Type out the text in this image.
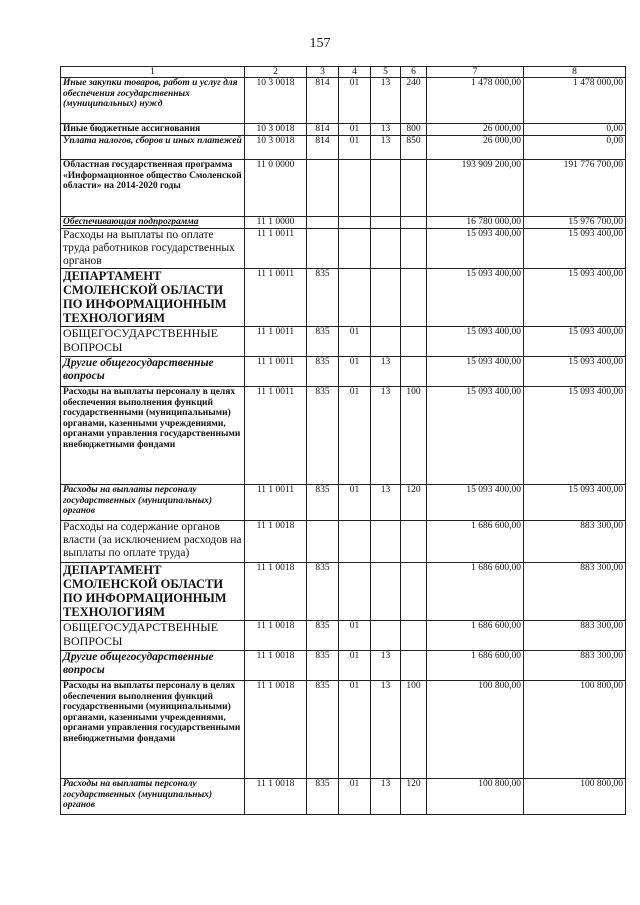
157
1	2	3	4	5	6	7	8
Иные закупки товаров, работ и услуг для обеспечения государственных (муниципальных) нужд	10 3 0018	814	01	13	240	1 478 000,00	1 478 000,00
Иные бюджетные ассигнования	10 3 0018	814	01	13	800	26 000,00	0,00
Уплата налогов, сборов и иных платежей	10 3 0018	814	01	13	850	26 000,00	0,00
Областная государственная программа «Информационное общество Смоленской области» на 2014-2020 годы	11 0 0000					193 909 200,00	191 776 700,00
Обеспечивающая подпрограмма	11 1 0000					16 780 000,00	15 976 700,00
Расходы на выплаты по оплате труда работников государственных органов	11 1 0011					15 093 400,00	15 093 400,00
ДЕПАРТАМЕНТ СМОЛЕНСКОЙ ОБЛАСТИ ПО ИНФОРМАЦИОННЫМ ТЕХНОЛОГИЯМ	11 1 0011	835				15 093 400,00	15 093 400,00
ОБЩЕГОСУДАРСТВЕННЫЕ ВОПРОСЫ	11 1 0011	835	01			15 093 400,00	15 093 400,00
Другие общегосударственные вопросы	11 1 0011	835	01	13		15 093 400,00	15 093 400,00
Расходы на выплаты персоналу в целях обеспечения выполнения функций государственными (муниципальными) органами, казенными учреждениями, органами управления государственными внебюджетными фондами	11 1 0011	835	01	13	100	15 093 400,00	15 093 400,00
Расходы на выплаты персоналу государственных (муниципальных) органов	11 1 0011	835	01	13	120	15 093 400,00	15 093 400,00
Расходы на содержание органов власти (за исключением расходов на выплаты по оплате труда)	11 1 0018					1 686 600,00	883 300,00
ДЕПАРТАМЕНТ СМОЛЕНСКОЙ ОБЛАСТИ ПО ИНФОРМАЦИОННЫМ ТЕХНОЛОГИЯМ	11 1 0018	835				1 686 600,00	883 300,00
ОБЩЕГОСУДАРСТВЕННЫЕ ВОПРОСЫ	11 1 0018	835	01			1 686 600,00	883 300,00
Другие общегосударственные вопросы	11 1 0018	835	01	13		1 686 600,00	883 300,00
Расходы на выплаты персоналу в целях обеспечения выполнения функций государственными (муниципальными) органами, казенными учреждениями, органами управления государственными внебюджетными фондами	11 1 0018	835	01	13	100	100 800,00	100 800,00
Расходы на выплаты персоналу государственных (муниципальных) органов	11 1 0018	835	01	13	120	100 800,00	100 800,00
